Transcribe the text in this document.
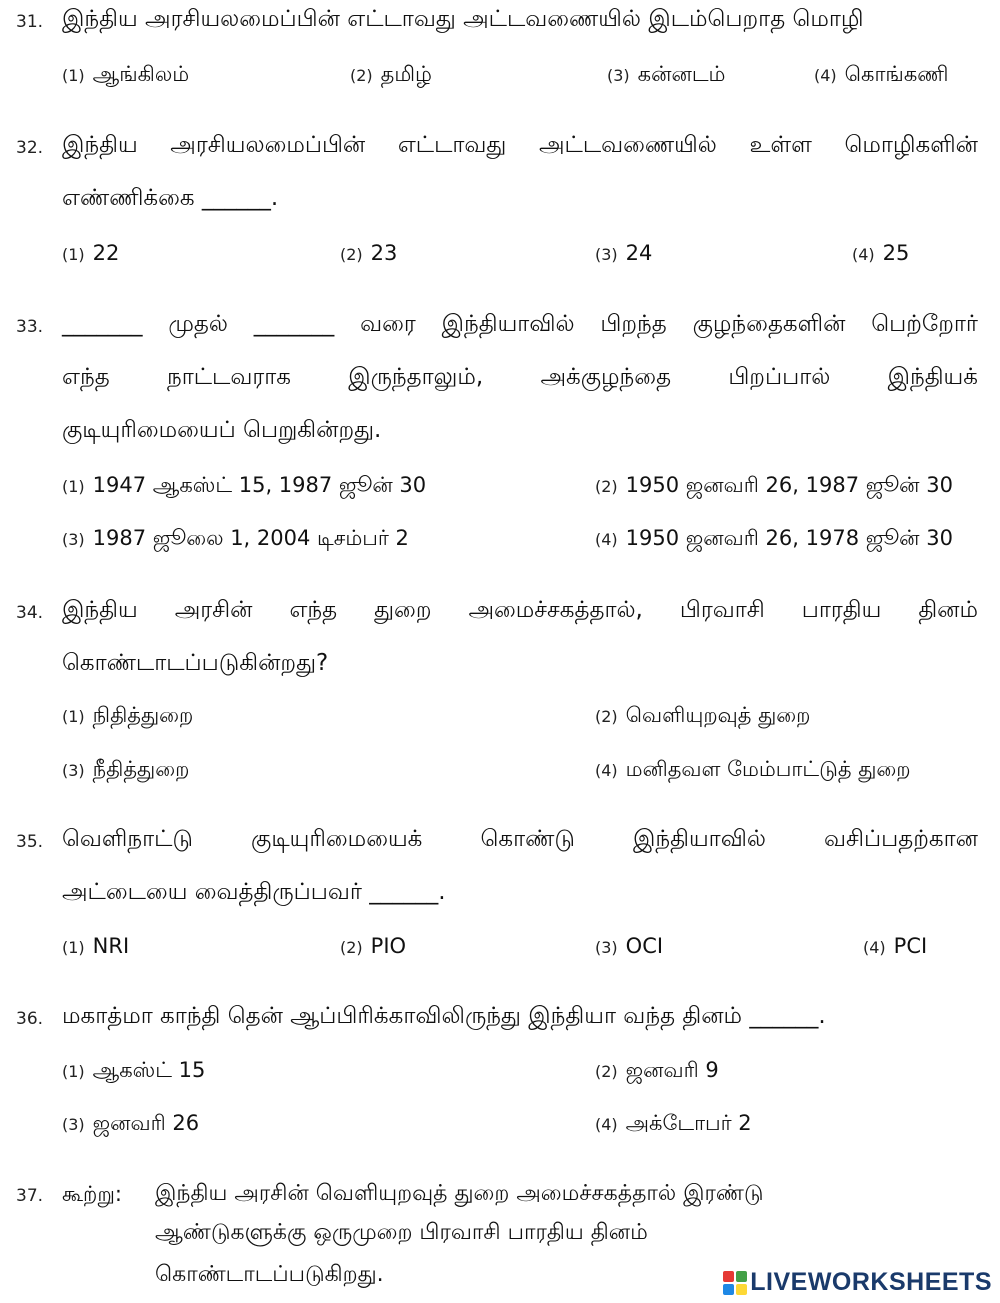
31. இந்திய அரசியலமைப்பின் எட்டாவது அட்டவணையில் இடம்பெறாத மொழி
(1) ஆங்கிலம்	(2) தமிழ்	(3) கன்னடம்	(4) கொங்கணி
32. இந்திய அரசியலமைப்பின் எட்டாவது அட்டவணையில் உள்ள மொழிகளின்
எண்ணிக்கை ______.
(1) 22	(2) 23	(3) 24	(4) 25
33. _______ முதல் _______ வரை இந்தியாவில் பிறந்த குழந்தைகளின் பெற்றோர்
எந்த நாட்டவராக இருந்தாலும், அக்குழந்தை பிறப்பால் இந்தியக்
குடியுரிமையைப் பெறுகின்றது.
(1) 1947 ஆகஸ்ட் 15, 1987 ஜூன் 30	(2) 1950 ஜனவரி 26, 1987 ஜூன் 30
(3) 1987 ஜூலை 1, 2004 டிசம்பர் 2	(4) 1950 ஜனவரி 26, 1978 ஜூன் 30
34. இந்திய அரசின் எந்த துறை அமைச்சகத்தால், பிரவாசி பாரதிய தினம்
கொண்டாடப்படுகின்றது?
(1) நிதித்துறை	(2) வெளியுறவுத் துறை
(3) நீதித்துறை	(4) மனிதவள மேம்பாட்டுத் துறை
35. வெளிநாட்டு	குடியுரிமையைக்	கொண்டு	இந்தியாவில்	வசிப்பதற்கான
அட்டையை வைத்திருப்பவர் ______.
(1) NRI	(2) PIO	(3) OCI	(4) PCI
36. மகாத்மா காந்தி தென் ஆப்பிரிக்காவிலிருந்து இந்தியா வந்த தினம் ______.
(1) ஆகஸ்ட் 15	(2) ஜனவரி 9
(3) ஜனவரி 26	(4) அக்டோபர் 2
37. கூற்று: இந்திய அரசின் வெளியுறவுத் துறை அமைச்சகத்தால் இரண்டு
ஆண்டுகளுக்கு ஒருமுறை பிரவாசி பாரதிய தினம்
கொண்டாடப்படுகிறது.	LIVEWORKSHEETS
